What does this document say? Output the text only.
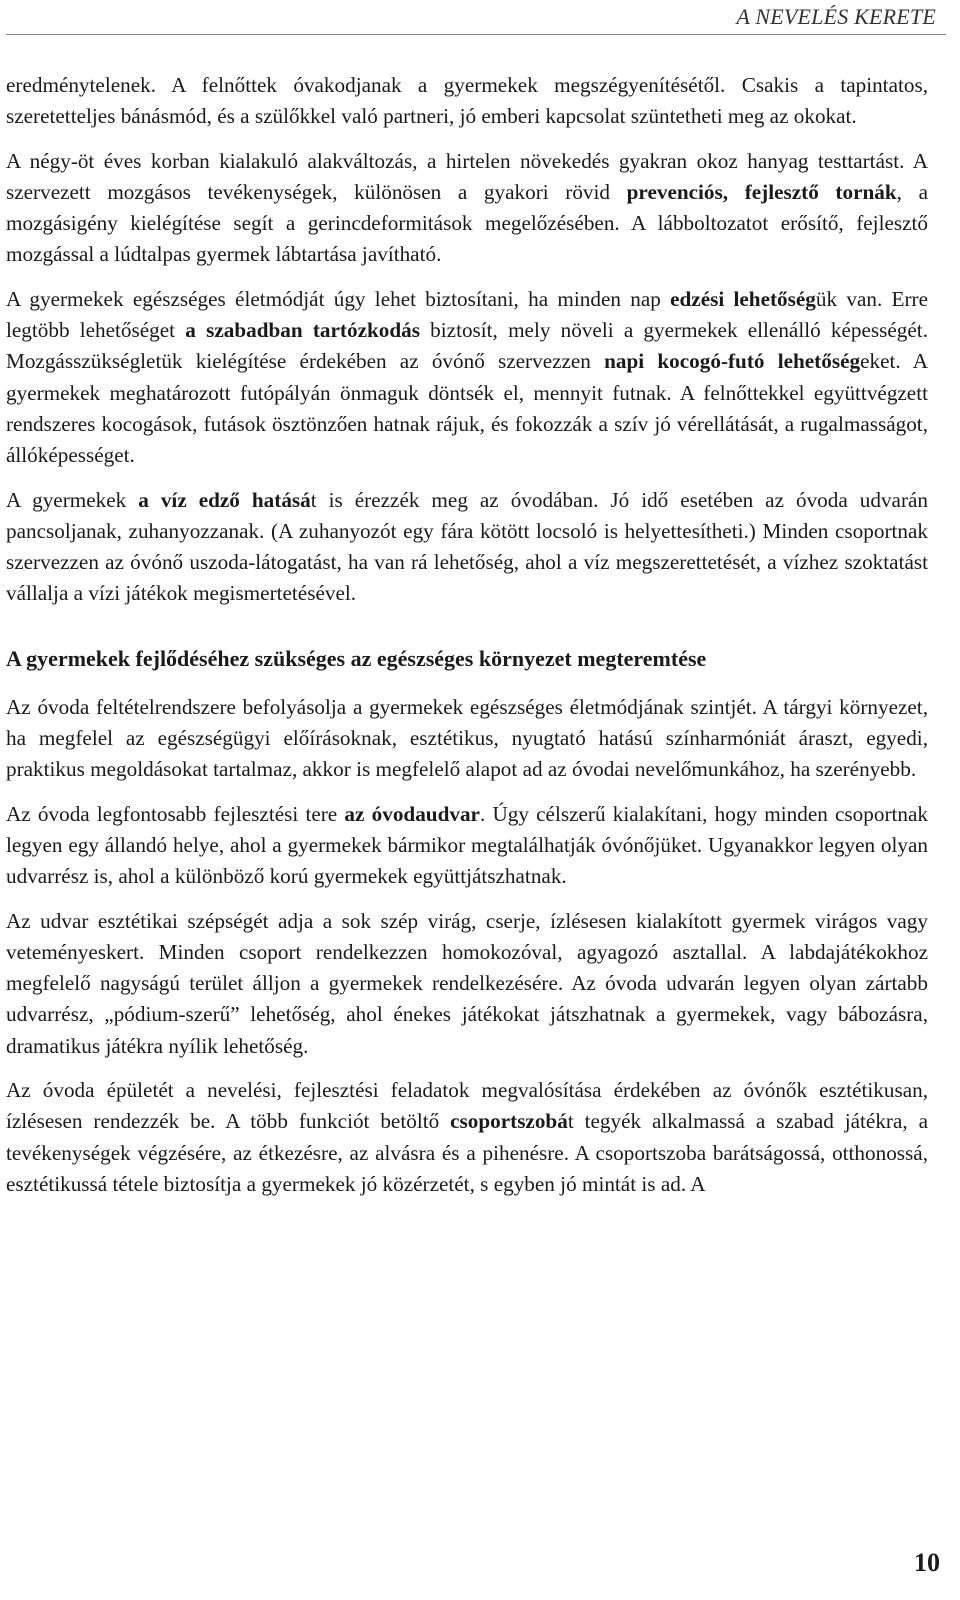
A NEVELÉS KERETE

eredménytelenek. A felnőttek óvakodjanak a gyermekek megszégyenítésétől. Csakis a tapintatos, szeretetteljes bánásmód, és a szülőkkel való partneri, jó emberi kapcsolat szüntetheti meg az okokat.

A négy-öt éves korban kialakuló alakváltozás, a hirtelen növekedés gyakran okoz hanyag testtartást. A szervezett mozgásos tevékenységek, különösen a gyakori rövid prevenciós, fejlesztő tornák, a mozgásigény kielégítése segít a gerincdeformitások megelőzésében. A lábboltozatot erősítő, fejlesztő mozgással a lúdtalpas gyermek lábtartása javítható.

A gyermekek egészséges életmódját úgy lehet biztosítani, ha minden nap edzési lehetőségük van. Erre legtöbb lehetőséget a szabadban tartózkodás biztosít, mely növeli a gyermekek ellenálló képességét. Mozgásszükségletük kielégítése érdekében az óvónő szervezzen napi kocogó-futó lehetőségeket. A gyermekek meghatározott futópályán önmaguk döntsék el, mennyit futnak. A felnőttekkel együttvégzett rendszeres kocogások, futások ösztönzően hatnak rájuk, és fokozzák a szív jó vérellátását, a rugalmasságot, állóképességet.

A gyermekek a víz edző hatását is érezzék meg az óvodában. Jó idő esetében az óvoda udvarán pancsoljanak, zuhanyozzanak. (A zuhanyozót egy fára kötött locsoló is helyettesítheti.) Minden csoportnak szervezzen az óvónő uszoda-látogatást, ha van rá lehetőség, ahol a víz megszerettetését, a vízhez szoktatást vállalja a vízi játékok megismertetésével.

A gyermekek fejlődéséhez szükséges az egészséges környezet megteremtése

Az óvoda feltételrendszere befolyásolja a gyermekek egészséges életmódjának szintjét. A tárgyi környezet, ha megfelel az egészségügyi előírásoknak, esztétikus, nyugtató hatású színharmóniát áraszt, egyedi, praktikus megoldásokat tartalmaz, akkor is megfelelő alapot ad az óvodai nevelőmunkához, ha szerényebb.

Az óvoda legfontosabb fejlesztési tere az óvodaudvar. Úgy célszerű kialakítani, hogy minden csoportnak legyen egy állandó helye, ahol a gyermekek bármikor megtalálhatják óvónőjüket. Ugyanakkor legyen olyan udvarrész is, ahol a különböző korú gyermekek együttjátszhatnak.

Az udvar esztétikai szépségét adja a sok szép virág, cserje, ízlésesen kialakított gyermek virágos vagy veteményeskert. Minden csoport rendelkezzen homokozóval, agyagozó asztallal. A labdajátékokhoz megfelelő nagyságú terület álljon a gyermekek rendelkezésére. Az óvoda udvarán legyen olyan zártabb udvarrész, „pódium-szerű” lehetőség, ahol énekes játékokat játszhatnak a gyermekek, vagy bábozásra, dramatikus játékra nyílik lehetőség.

Az óvoda épületét a nevelési, fejlesztési feladatok megvalósítása érdekében az óvónők esztétikusan, ízlésesen rendezzék be. A több funkciót betöltő csoportszobát tegyék alkalmassá a szabad játékra, a tevékenységek végzésére, az étkezésre, az alvásra és a pihenésre. A csoportszoba barátságossá, otthonossá, esztétikussá tétele biztosítja a gyermekek jó közérzetét, s egyben jó mintát is ad. A

10
